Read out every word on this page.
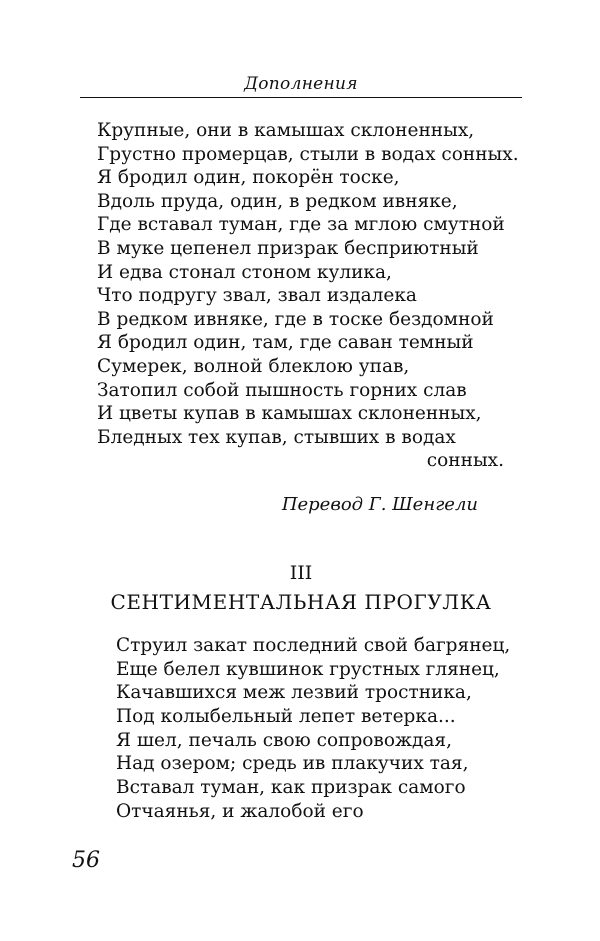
Дополнения
Крупные, они в камышах склоненных,
Грустно промерцав, стыли в водах сонных.
Я бродил один, покорён тоске,
Вдоль пруда, один, в редком ивняке,
Где вставал туман, где за мглою смутной
В муке цепенел призрак бесприютный
И едва стонал стоном кулика,
Что подругу звал, звал издалека
В редком ивняке, где в тоске бездомной
Я бродил один, там, где саван темный
Сумерек, волной блеклою упав,
Затопил собой пышность горних слав
И цветы купав в камышах склоненных,
Бледных тех купав, стывших в водах
сонных.
Перевод Г. Шенгели
III
СЕНТИМЕНТАЛЬНАЯ ПРОГУЛКА
Струил закат последний свой багрянец,
Еще белел кувшинок грустных глянец,
Качавшихся меж лезвий тростника,
Под колыбельный лепет ветерка...
Я шел, печаль свою сопровождая,
Над озером; средь ив плакучих тая,
Вставал туман, как призрак самого
Отчаянья, и жалобой его
56
